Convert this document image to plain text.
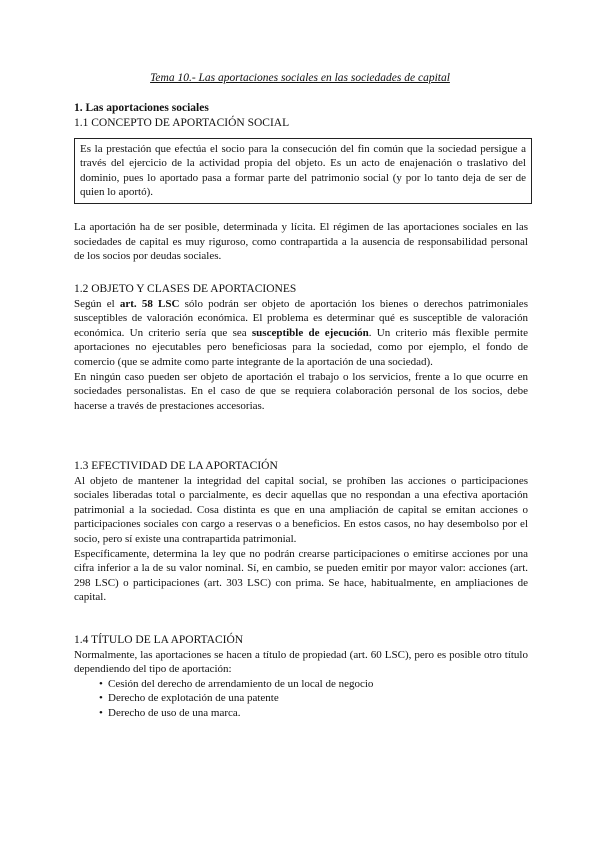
Tema 10.- Las aportaciones sociales en las sociedades de capital
1. Las aportaciones sociales
1.1 CONCEPTO DE APORTACIÓN SOCIAL
Es la prestación que efectúa el socio para la consecución del fin común que la sociedad persigue a través del ejercicio de la actividad propia del objeto. Es un acto de enajenación o traslativo del dominio, pues lo aportado pasa a formar parte del patrimonio social (y por lo tanto deja de ser de quien lo aportó).
La aportación ha de ser posible, determinada y lícita. El régimen de las aportaciones sociales en las sociedades de capital es muy riguroso, como contrapartida a la ausencia de responsabilidad personal de los socios por deudas sociales.
1.2 OBJETO Y CLASES DE APORTACIONES
Según el art. 58 LSC sólo podrán ser objeto de aportación los bienes o derechos patrimoniales susceptibles de valoración económica. El problema es determinar qué es susceptible de valoración económica. Un criterio sería que sea susceptible de ejecución. Un criterio más flexible permite aportaciones no ejecutables pero beneficiosas para la sociedad, como por ejemplo, el fondo de comercio (que se admite como parte integrante de la aportación de una sociedad).
En ningún caso pueden ser objeto de aportación el trabajo o los servicios, frente a lo que ocurre en sociedades personalistas. En el caso de que se requiera colaboración personal de los socios, debe hacerse a través de prestaciones accesorias.
1.3 EFECTIVIDAD DE LA APORTACIÓN
Al objeto de mantener la integridad del capital social, se prohíben las acciones o participaciones sociales liberadas total o parcialmente, es decir aquellas que no respondan a una efectiva aportación patrimonial a la sociedad. Cosa distinta es que en una ampliación de capital se emitan acciones o participaciones sociales con cargo a reservas o a beneficios. En estos casos, no hay desembolso por el socio, pero sí existe una contrapartida patrimonial.
Específicamente, determina la ley que no podrán crearse participaciones o emitirse acciones por una cifra inferior a la de su valor nominal. Sí, en cambio, se pueden emitir por mayor valor: acciones (art. 298 LSC) o participaciones (art. 303 LSC) con prima. Se hace, habitualmente, en ampliaciones de capital.
1.4 TÍTULO DE LA APORTACIÓN
Normalmente, las aportaciones se hacen a título de propiedad (art. 60 LSC), pero es posible otro título dependiendo del tipo de aportación:
• Cesión del derecho de arrendamiento de un local de negocio
• Derecho de explotación de una patente
• Derecho de uso de una marca.
